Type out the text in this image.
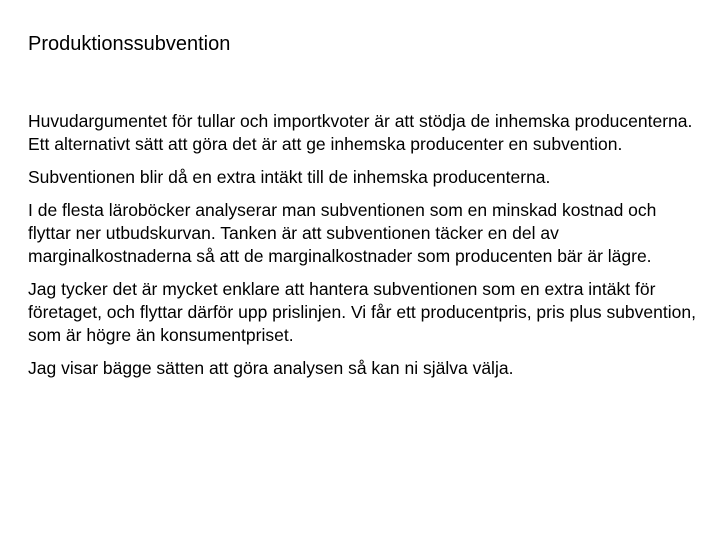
Produktionssubvention

Huvudargumentet för tullar och importkvoter är att stödja de inhemska producenterna. Ett alternativt sätt att göra det är att ge inhemska producenter en subvention.

Subventionen blir då en extra intäkt till de inhemska producenterna.

I de flesta läroböcker analyserar man subventionen som en minskad kostnad och flyttar ner utbudskurvan. Tanken är att subventionen täcker en del av marginalkostnaderna så att de marginalkostnader som producenten bär är lägre.

Jag tycker det är mycket enklare att hantera subventionen som en extra intäkt för företaget, och flyttar därför upp prislinjen. Vi får ett producentpris, pris plus subvention, som är högre än konsumentpriset.

Jag visar bägge sätten att göra analysen så kan ni själva välja.
